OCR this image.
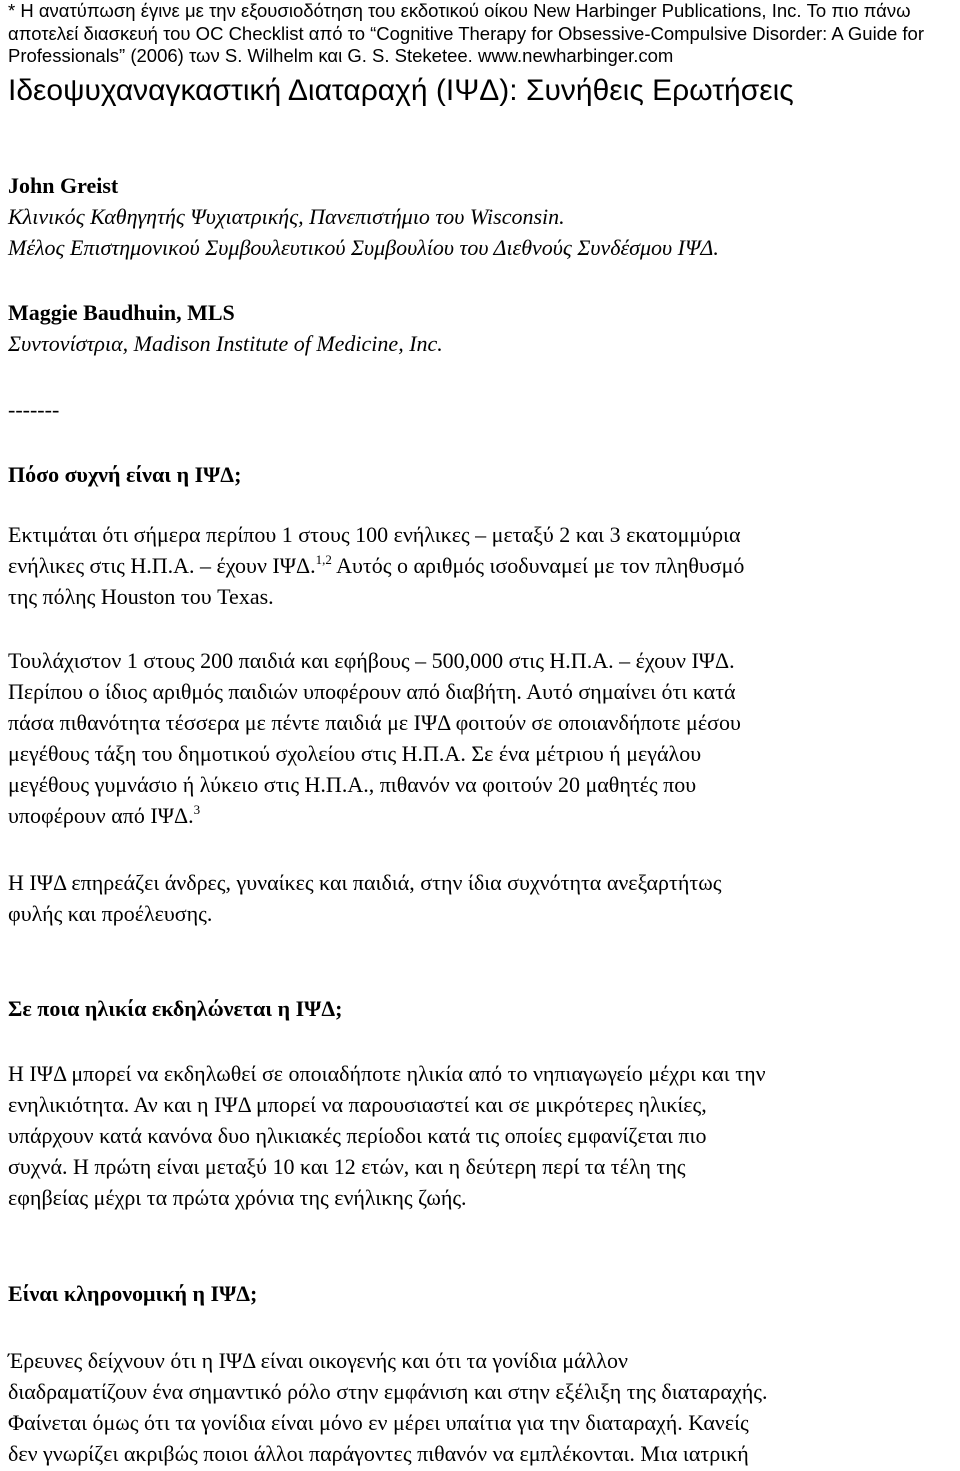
* Η ανατύπωση έγινε με την εξουσιοδότηση του εκδοτικού οίκου New Harbinger Publications, Inc. Το πιο πάνω αποτελεί διασκευή του OC Checklist από το “Cognitive Therapy for Obsessive-Compulsive Disorder: A Guide for Professionals” (2006) των S. Wilhelm και G. S. Steketee. www.newharbinger.com
Ιδεοψυχαναγκαστική Διαταραχή (ΙΨΔ): Συνήθεις Ερωτήσεις
John Greist
Κλινικός Καθηγητής Ψυχιατρικής, Πανεπιστήμιο του Wisconsin.
Μέλος Επιστημονικού Συμβουλευτικού Συμβουλίου του Διεθνούς Συνδέσμου ΙΨΔ.
Maggie Baudhuin, MLS
Συντονίστρια, Madison Institute of Medicine, Inc.
-------
Πόσο συχνή είναι η ΙΨΔ;
Εκτιμάται ότι σήμερα περίπου 1 στους 100 ενήλικες – μεταξύ 2 και 3 εκατομμύρια
ενήλικες στις Η.Π.Α. – έχουν ΙΨΔ.$^{1,2}$ Αυτός ο αριθμός ισοδυναμεί με τον πληθυσμό
της πόλης Houston του Texas.
Τουλάχιστον 1 στους 200 παιδιά και εφήβους – 500,000 στις Η.Π.Α. – έχουν ΙΨΔ.
Περίπου ο ίδιος αριθμός παιδιών υποφέρουν από διαβήτη. Αυτό σημαίνει ότι κατά
πάσα πιθανότητα τέσσερα με πέντε παιδιά με ΙΨΔ φοιτούν σε οποιανδήποτε μέσου
μεγέθους τάξη του δημοτικού σχολείου στις Η.Π.Α. Σε ένα μέτριου ή μεγάλου
μεγέθους γυμνάσιο ή λύκειο στις Η.Π.Α., πιθανόν να φοιτούν 20 μαθητές που
υποφέρουν από ΙΨΔ.$^3$
Η ΙΨΔ επηρεάζει άνδρες, γυναίκες και παιδιά, στην ίδια συχνότητα ανεξαρτήτως
φυλής και προέλευσης.
Σε ποια ηλικία εκδηλώνεται η ΙΨΔ;
Η ΙΨΔ μπορεί να εκδηλωθεί σε οποιαδήποτε ηλικία από το νηπιαγωγείο μέχρι και την
ενηλικιότητα. Αν και η ΙΨΔ μπορεί να παρουσιαστεί και σε μικρότερες ηλικίες,
υπάρχουν κατά κανόνα δυο ηλικιακές περίοδοι κατά τις οποίες εμφανίζεται πιο
συχνά. Η πρώτη είναι μεταξύ 10 και 12 ετών, και η δεύτερη περί τα τέλη της
εφηβείας μέχρι τα πρώτα χρόνια της ενήλικης ζωής.
Είναι κληρονομική η ΙΨΔ;
Έρευνες δείχνουν ότι η ΙΨΔ είναι οικογενής και ότι τα γονίδια μάλλον
διαδραματίζουν ένα σημαντικό ρόλο στην εμφάνιση και στην εξέλιξη της διαταραχής.
Φαίνεται όμως ότι τα γονίδια είναι μόνο εν μέρει υπαίτια για την διαταραχή. Κανείς
δεν γνωρίζει ακριβώς ποιοι άλλοι παράγοντες πιθανόν να εμπλέκονται. Μια ιατρική
